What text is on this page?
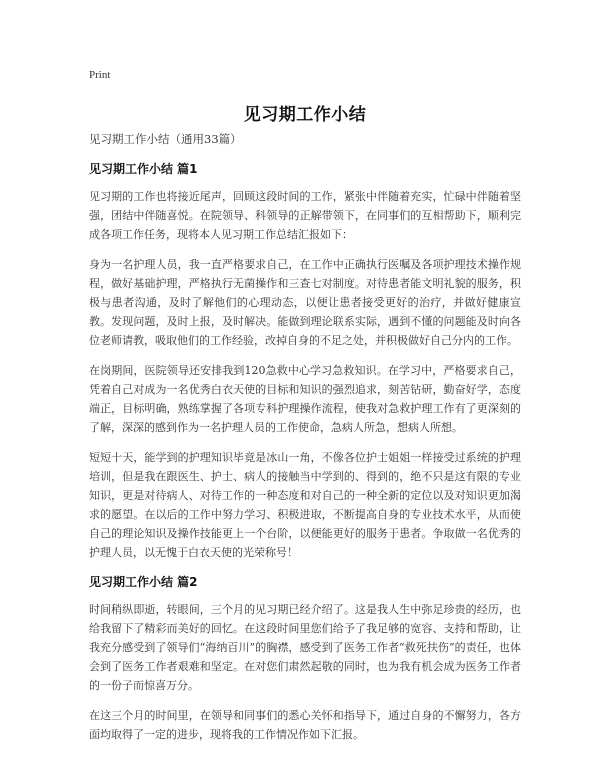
Print
见习期工作小结
见习期工作小结（通用33篇）
见习期工作小结 篇1

见习期的工作也将接近尾声，回顾这段时间的工作，紧张中伴随着充实，忙碌中伴随着坚强，团结中伴随喜悦。在院领导、科领导的正解带领下，在同事们的互相帮助下，顺利完成各项工作任务，现将本人见习期工作总结汇报如下：

身为一名护理人员，我一直严格要求自己，在工作中正确执行医嘱及各项护理技术操作规程，做好基础护理，严格执行无菌操作和三查七对制度。对待患者能文明礼貌的服务，积极与患者沟通，及时了解他们的心理动态，以便让患者接受更好的治疗，并做好健康宣教。发现问题，及时上报，及时解决。能做到理论联系实际，遇到不懂的问题能及时向各位老师请教，吸取他们的工作经验，改掉自身的不足之处，并积极做好自己分内的工作。

在岗期间，医院领导还安排我到120急救中心学习急救知识。在学习中，严格要求自己，凭着自己对成为一名优秀白衣天使的目标和知识的强烈追求，刻苦钻研，勤奋好学，态度端正，目标明确，熟练掌握了各项专科护理操作流程，使我对急救护理工作有了更深刻的了解，深深的感到作为一名护理人员的工作使命，急病人所急，想病人所想。

短短十天，能学到的护理知识毕竟是冰山一角，不像各位护士姐姐一样接受过系统的护理培训，但是我在跟医生、护士、病人的接触当中学到的、得到的，绝不只是这有限的专业知识，更是对待病人、对待工作的一种态度和对自己的一种全新的定位以及对知识更加渴求的愿望。在以后的工作中努力学习、积极进取，不断提高自身的专业技术水平，从而使自己的理论知识及操作技能更上一个台阶，以便能更好的服务于患者。争取做一名优秀的护理人员，以无愧于白衣天使的光荣称号！

见习期工作小结 篇2

时间稍纵即逝，转眼间，三个月的见习期已经介绍了。这是我人生中弥足珍贵的经历，也给我留下了精彩而美好的回忆。在这段时间里您们给予了我足够的宽容、支持和帮助，让我充分感受到了领导们“海纳百川”的胸襟，感受到了医务工作者“救死扶伤”的责任，也体会到了医务工作者艰难和坚定。在对您们肃然起敬的同时，也为我有机会成为医务工作者的一份子而惊喜万分。

在这三个月的时间里，在领导和同事们的悉心关怀和指导下，通过自身的不懈努力，各方面均取得了一定的进步，现将我的工作情况作如下汇报。
